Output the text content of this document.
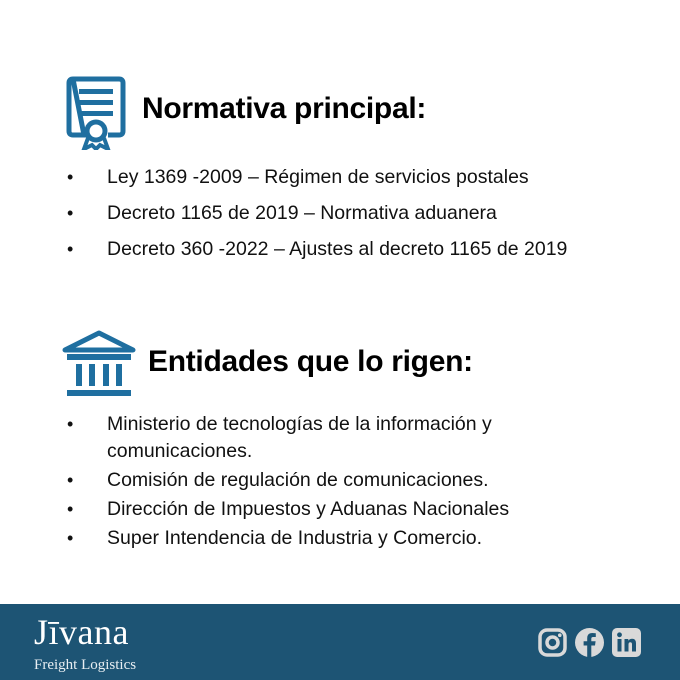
Normativa principal:
• Ley 1369 -2009 – Régimen de servicios postales
• Decreto 1165 de 2019 – Normativa aduanera
• Decreto 360 -2022 – Ajustes al decreto 1165 de 2019
Entidades que lo rigen:
• Ministerio de tecnologías de la información y comunicaciones.
• Comisión de regulación de comunicaciones.
• Dirección de Impuestos y Aduanas Nacionales
• Super Intendencia de Industria y Comercio.
Jīvana
Freight Logistics
